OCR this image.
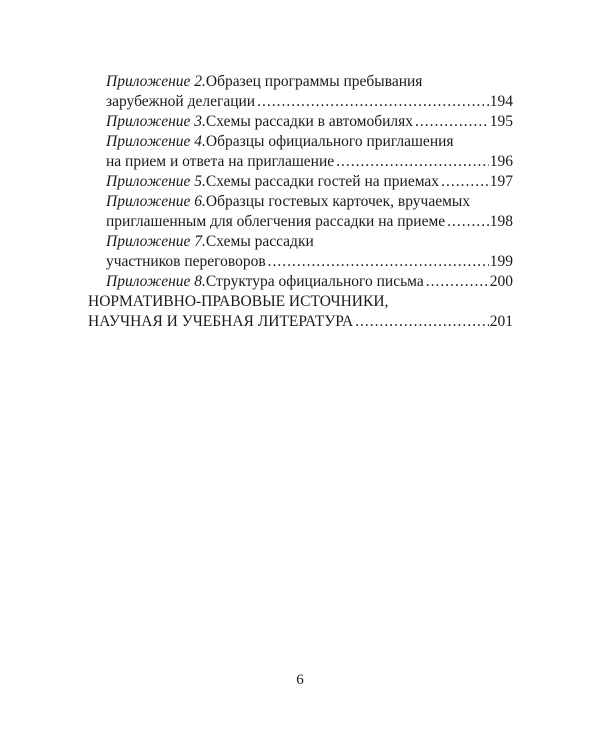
Приложение 2. Образец программы пребывания
зарубежной делегации .....	194
Приложение 3. Схемы рассадки в автомобилях .....	195
Приложение 4. Образцы официального приглашения
на прием и ответа на приглашение .....	196
Приложение 5. Схемы рассадки гостей на приемах .....	197
Приложение 6. Образцы гостевых карточек, вручаемых
приглашенным для облегчения рассадки на приеме .....	198
Приложение 7. Схемы рассадки
участников переговоров .....	199
Приложение 8. Структура официального письма .....	200
НОРМАТИВНО-ПРАВОВЫЕ ИСТОЧНИКИ,
НАУЧНАЯ И УЧЕБНАЯ ЛИТЕРАТУРА .....	201
6
